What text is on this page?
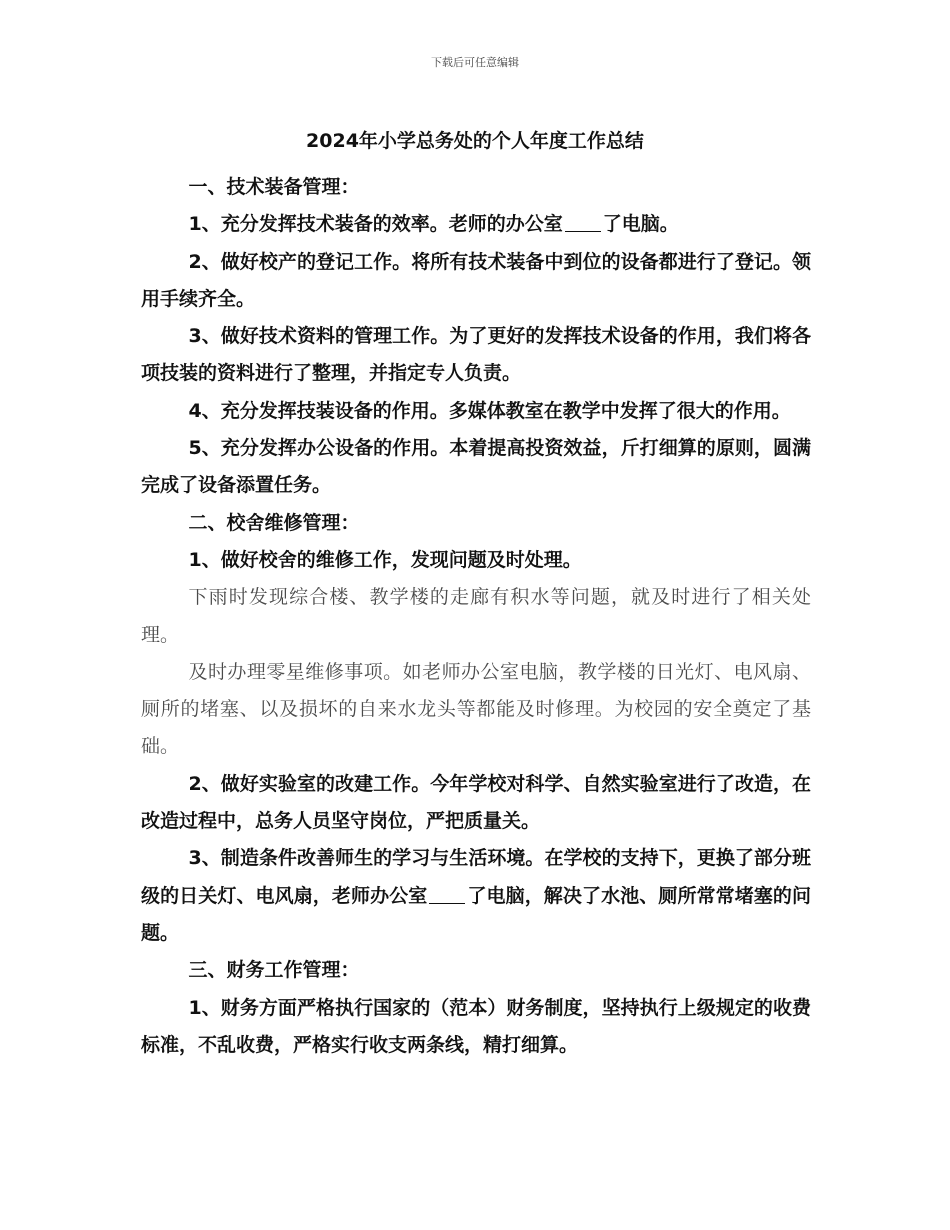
下载后可任意编辑
2024年小学总务处的个人年度工作总结

一、技术装备管理：

1、充分发挥技术装备的效率。老师的办公室 了电脑。

2、做好校产的登记工作。将所有技术装备中到位的设备都进行了登记。领用手续齐全。

3、做好技术资料的管理工作。为了更好的发挥技术设备的作用，我们将各项技装的资料进行了整理，并指定专人负责。

4、充分发挥技装设备的作用。多媒体教室在教学中发挥了很大的作用。

5、充分发挥办公设备的作用。本着提高投资效益，斤打细算的原则，圆满完成了设备添置任务。

二、校舍维修管理：

1、做好校舍的维修工作，发现问题及时处理。

下雨时发现综合楼、教学楼的走廊有积水等问题，就及时进行了相关处理。

及时办理零星维修事项。如老师办公室电脑，教学楼的日光灯、电风扇、厕所的堵塞、以及损坏的自来水龙头等都能及时修理。为校园的安全奠定了基础。

2、做好实验室的改建工作。今年学校对科学、自然实验室进行了改造，在改造过程中，总务人员坚守岗位，严把质量关。

3、制造条件改善师生的学习与生活环境。在学校的支持下，更换了部分班级的日关灯、电风扇，老师办公室 了电脑，解决了水池、厕所常常堵塞的问题。

三、财务工作管理：

1、财务方面严格执行国家的（范本）财务制度，坚持执行上级规定的收费标准，不乱收费，严格实行收支两条线，精打细算。
